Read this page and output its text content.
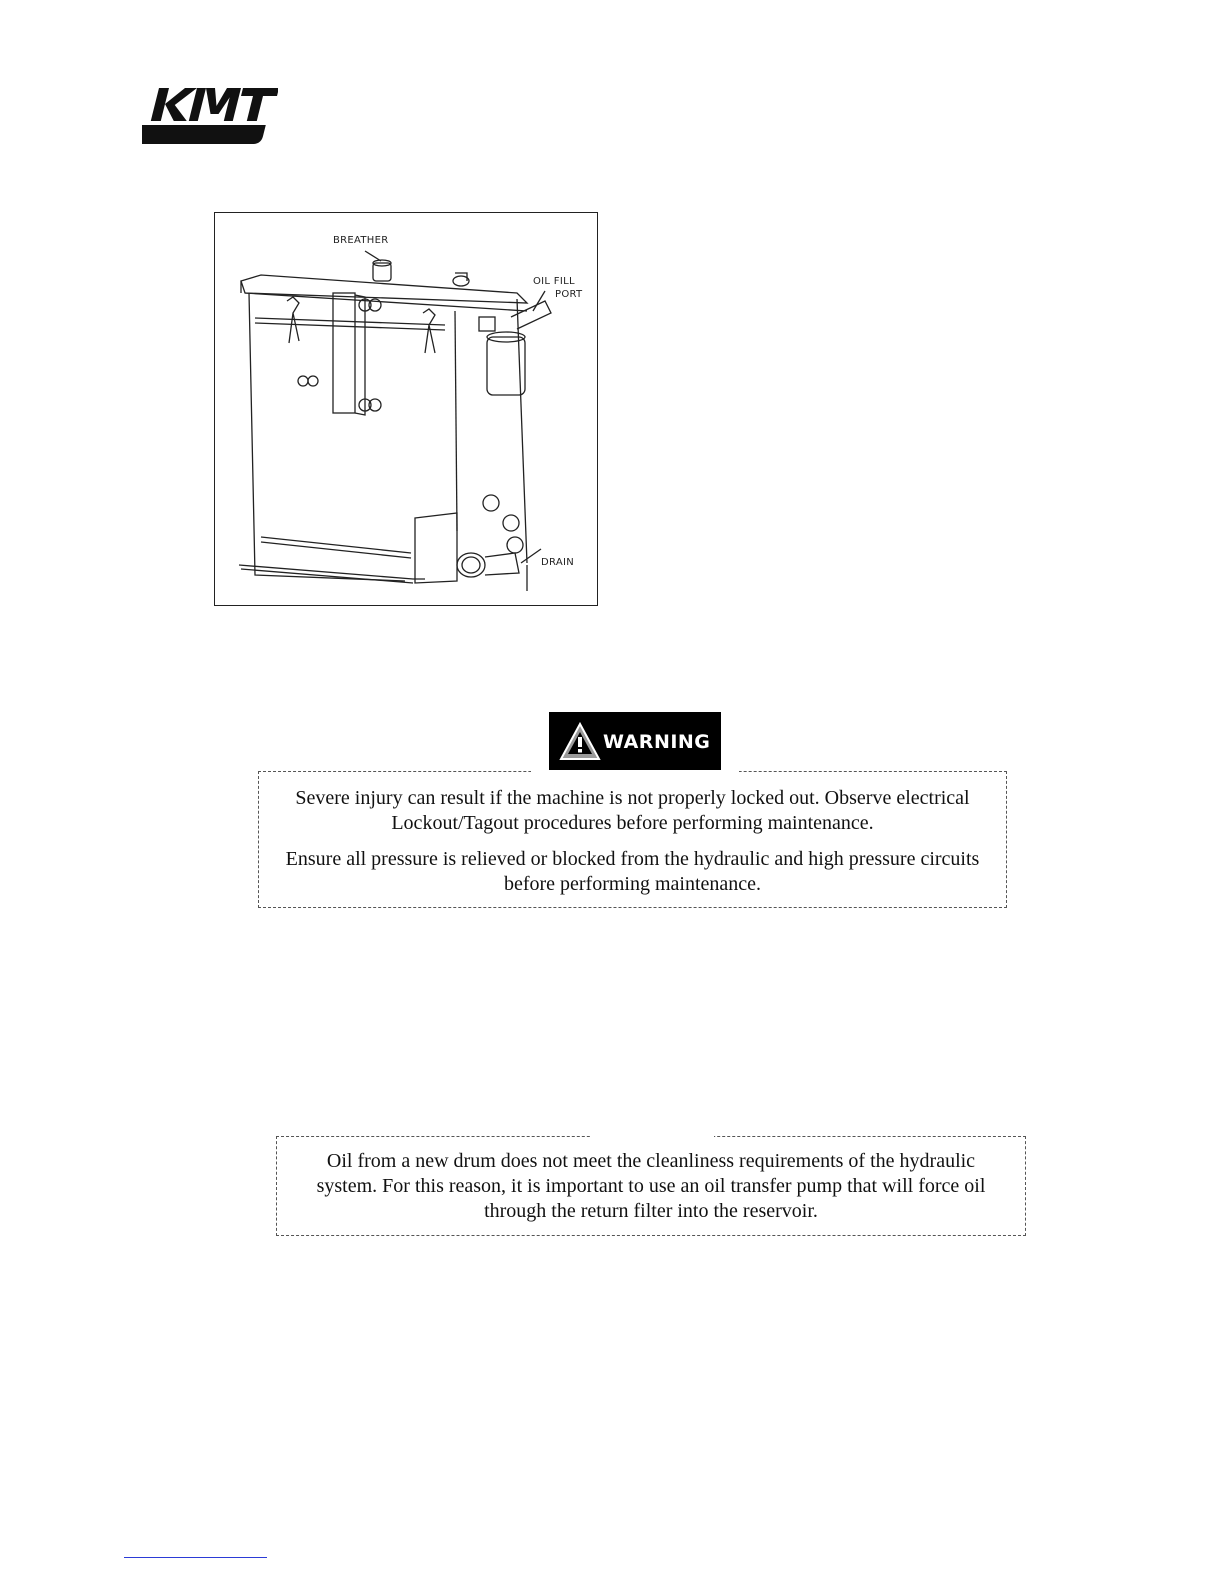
BREATHER
OIL FILL
PORT
DRAIN
WARNING

Severe injury can result if the machine is not properly locked out. Observe electrical Lockout/Tagout procedures before performing maintenance.

Ensure all pressure is relieved or blocked from the hydraulic and high pressure circuits before performing maintenance.

Oil from a new drum does not meet the cleanliness requirements of the hydraulic system. For this reason, it is important to use an oil transfer pump that will force oil through the return filter into the reservoir.
